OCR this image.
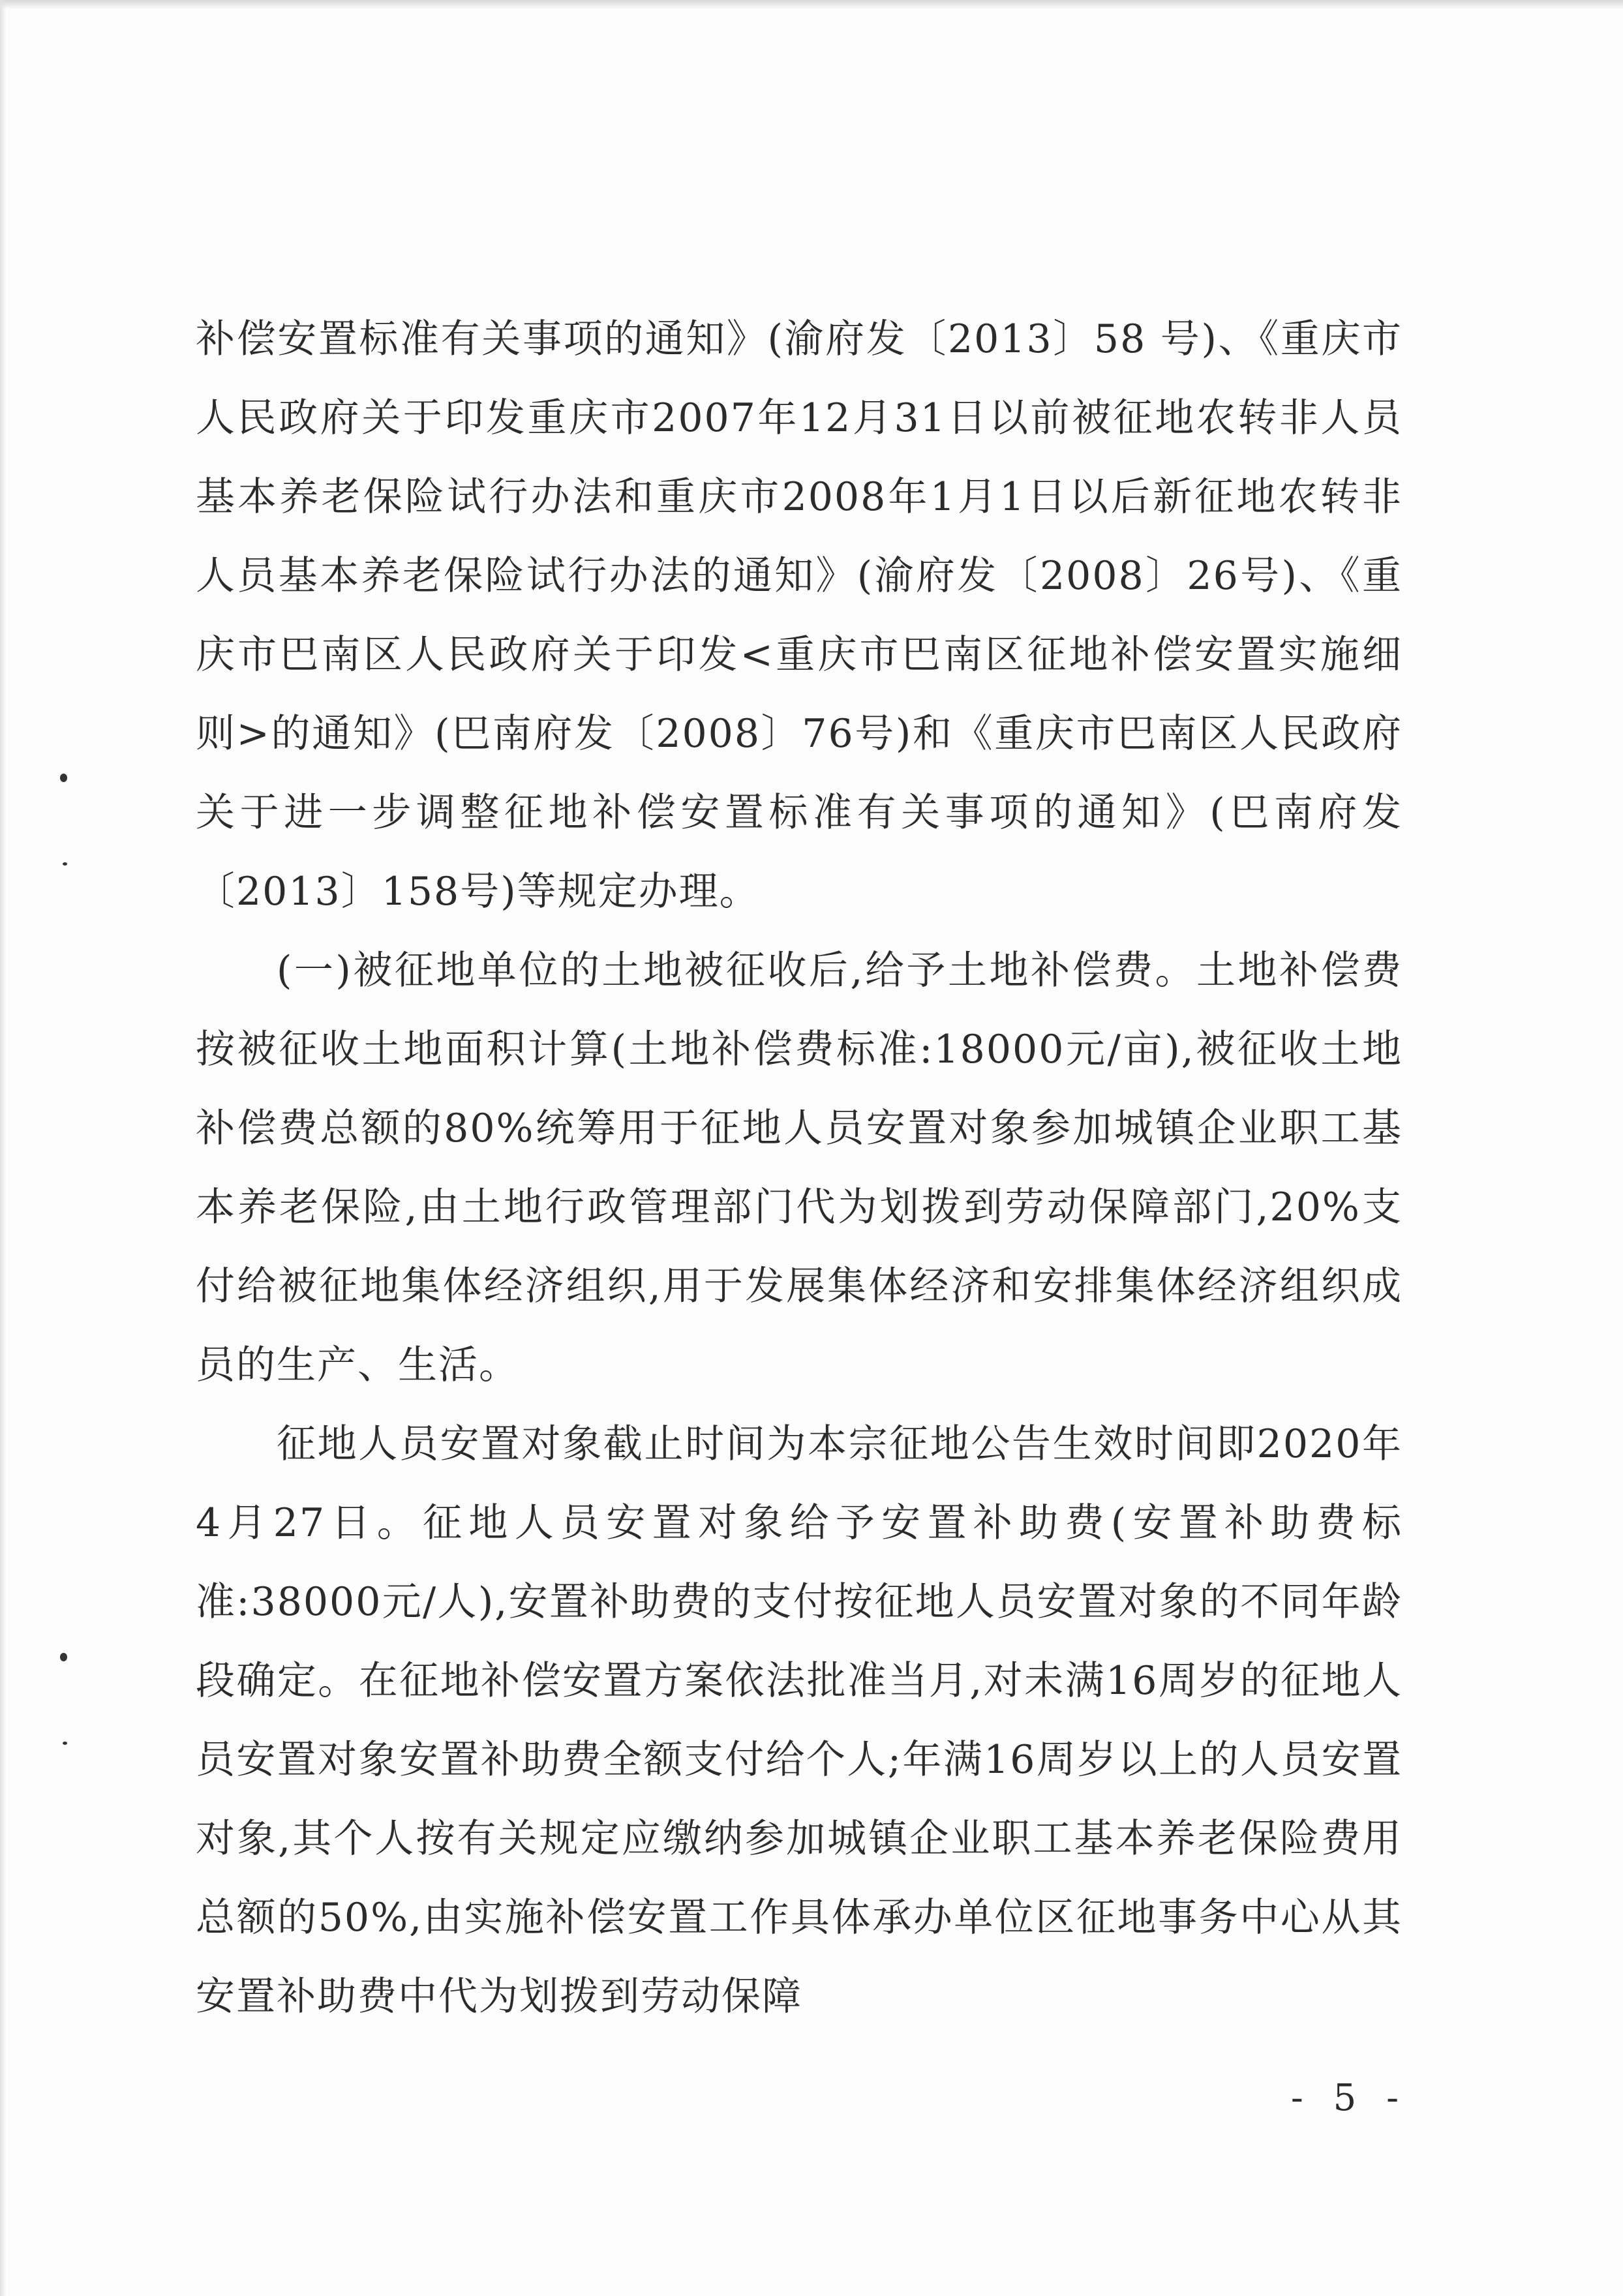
补偿安置标准有关事项的通知》(渝府发〔2013〕58 号)、《重庆市人民政府关于印发重庆市2007年12月31日以前被征地农转非人员基本养老保险试行办法和重庆市2008年1月1日以后新征地农转非人员基本养老保险试行办法的通知》(渝府发〔2008〕26号)、《重庆市巴南区人民政府关于印发<重庆市巴南区征地补偿安置实施细则>的通知》(巴南府发〔2008〕76号)和《重庆市巴南区人民政府关于进一步调整征地补偿安置标准有关事项的通知》(巴南府发〔2013〕158号)等规定办理。

(一)被征地单位的土地被征收后,给予土地补偿费。土地补偿费按被征收土地面积计算(土地补偿费标准:18000元/亩),被征收土地补偿费总额的80%统筹用于征地人员安置对象参加城镇企业职工基本养老保险,由土地行政管理部门代为划拨到劳动保障部门,20%支付给被征地集体经济组织,用于发展集体经济和安排集体经济组织成员的生产、生活。

征地人员安置对象截止时间为本宗征地公告生效时间即2020年4月27日。征地人员安置对象给予安置补助费(安置补助费标准:38000元/人),安置补助费的支付按征地人员安置对象的不同年龄段确定。在征地补偿安置方案依法批准当月,对未满16周岁的征地人员安置对象安置补助费全额支付给个人;年满16周岁以上的人员安置对象,其个人按有关规定应缴纳参加城镇企业职工基本养老保险费用总额的50%,由实施补偿安置工作具体承办单位区征地事务中心从其安置补助费中代为划拨到劳动保障

- 5 -
